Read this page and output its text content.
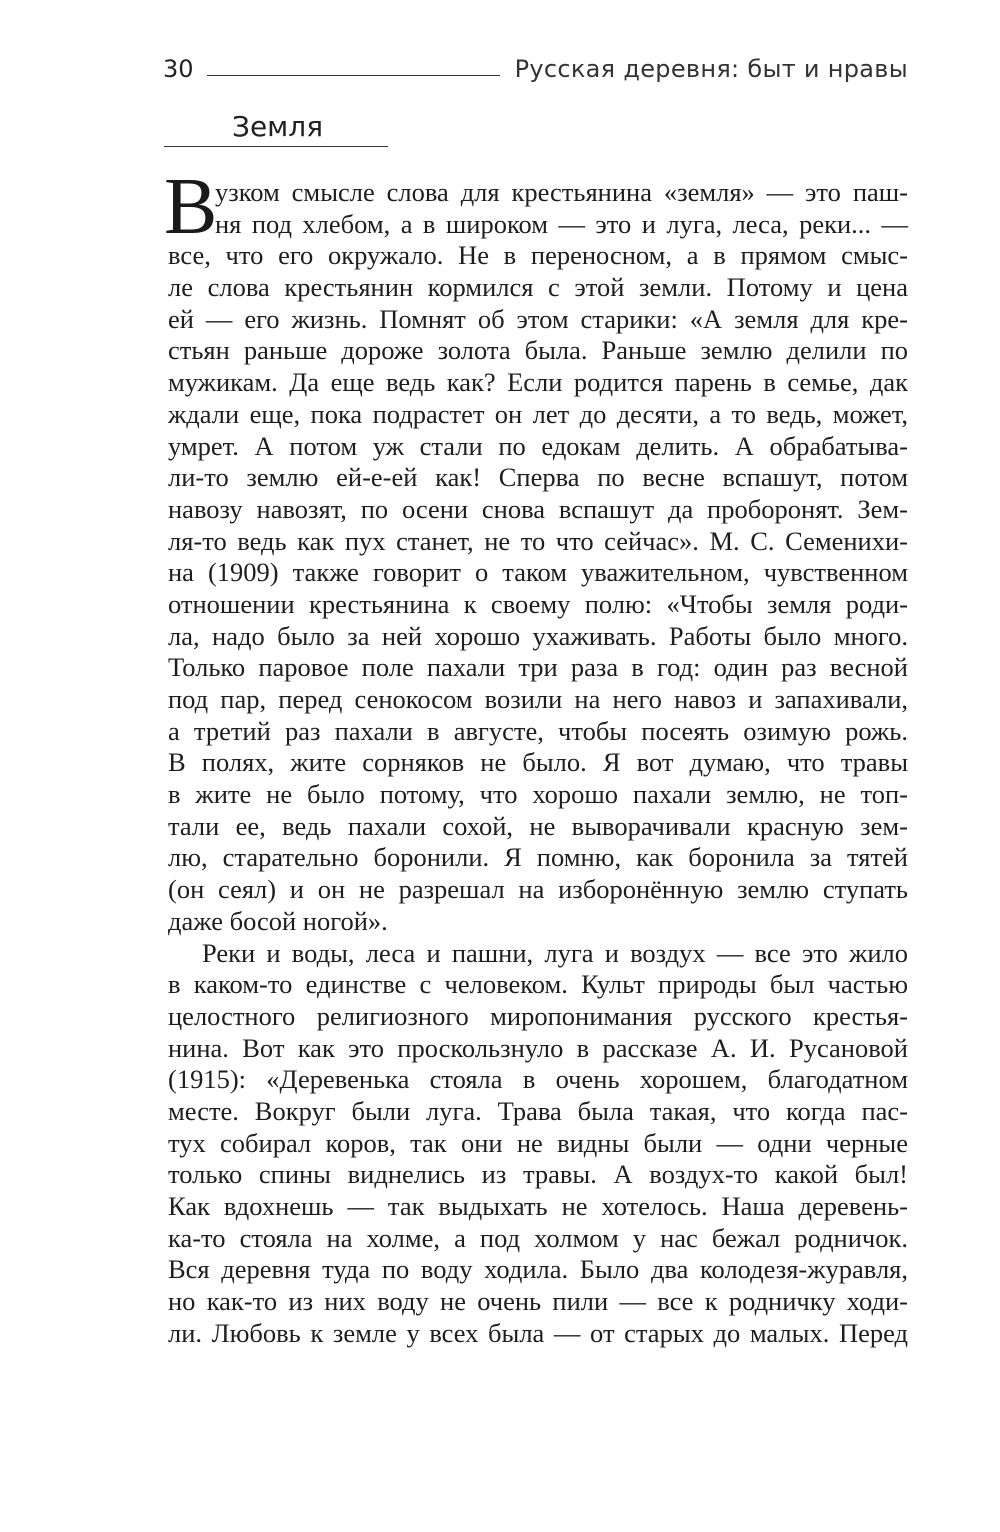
30	Русская деревня: быт и нравы
Земля
В
узком смысле слова для крестьянина «земля» — это паш-
ня под хлебом, а в широком — это и луга, леса, реки... —
все, что его окружало. Не в переносном, а в прямом смыс-
ле слова крестьянин кормился с этой земли. Потому и цена
ей — его жизнь. Помнят об этом старики: «А земля для кре-
стьян раньше дороже золота была. Раньше землю делили по
мужикам. Да еще ведь как? Если родится парень в семье, дак
ждали еще, пока подрастет он лет до десяти, а то ведь, может,
умрет. А потом уж стали по едокам делить. А обрабатыва-
ли-то землю ей-е-ей как! Сперва по весне вспашут, потом
навозу навозят, по осени снова вспашут да проборонят. Зем-
ля-то ведь как пух станет, не то что сейчас». М. С. Семенихи-
на (1909) также говорит о таком уважительном, чувственном
отношении крестьянина к своему полю: «Чтобы земля роди-
ла, надо было за ней хорошо ухаживать. Работы было много.
Только паровое поле пахали три раза в год: один раз весной
под пар, перед сенокосом возили на него навоз и запахивали,
а третий раз пахали в августе, чтобы посеять озимую рожь.
В полях, жите сорняков не было. Я вот думаю, что травы
в жите не было потому, что хорошо пахали землю, не топ-
тали ее, ведь пахали сохой, не выворачивали красную зем-
лю, старательно боронили. Я помню, как боронила за тятей
(он сеял) и он не разрешал на изборонённую землю ступать
даже босой ногой».
Реки и воды, леса и пашни, луга и воздух — все это жило
в каком-то единстве с человеком. Культ природы был частью
целостного религиозного миропонимания русского крестья-
нина. Вот как это проскользнуло в рассказе А. И. Русановой
(1915): «Деревенька стояла в очень хорошем, благодатном
месте. Вокруг были луга. Трава была такая, что когда пас-
тух собирал коров, так они не видны были — одни черные
только спины виднелись из травы. А воздух-то какой был!
Как вдохнешь — так выдыхать не хотелось. Наша деревень-
ка-то стояла на холме, а под холмом у нас бежал родничок.
Вся деревня туда по воду ходила. Было два колодезя-журавля,
но как-то из них воду не очень пили — все к родничку ходи-
ли. Любовь к земле у всех была — от старых до малых. Перед
